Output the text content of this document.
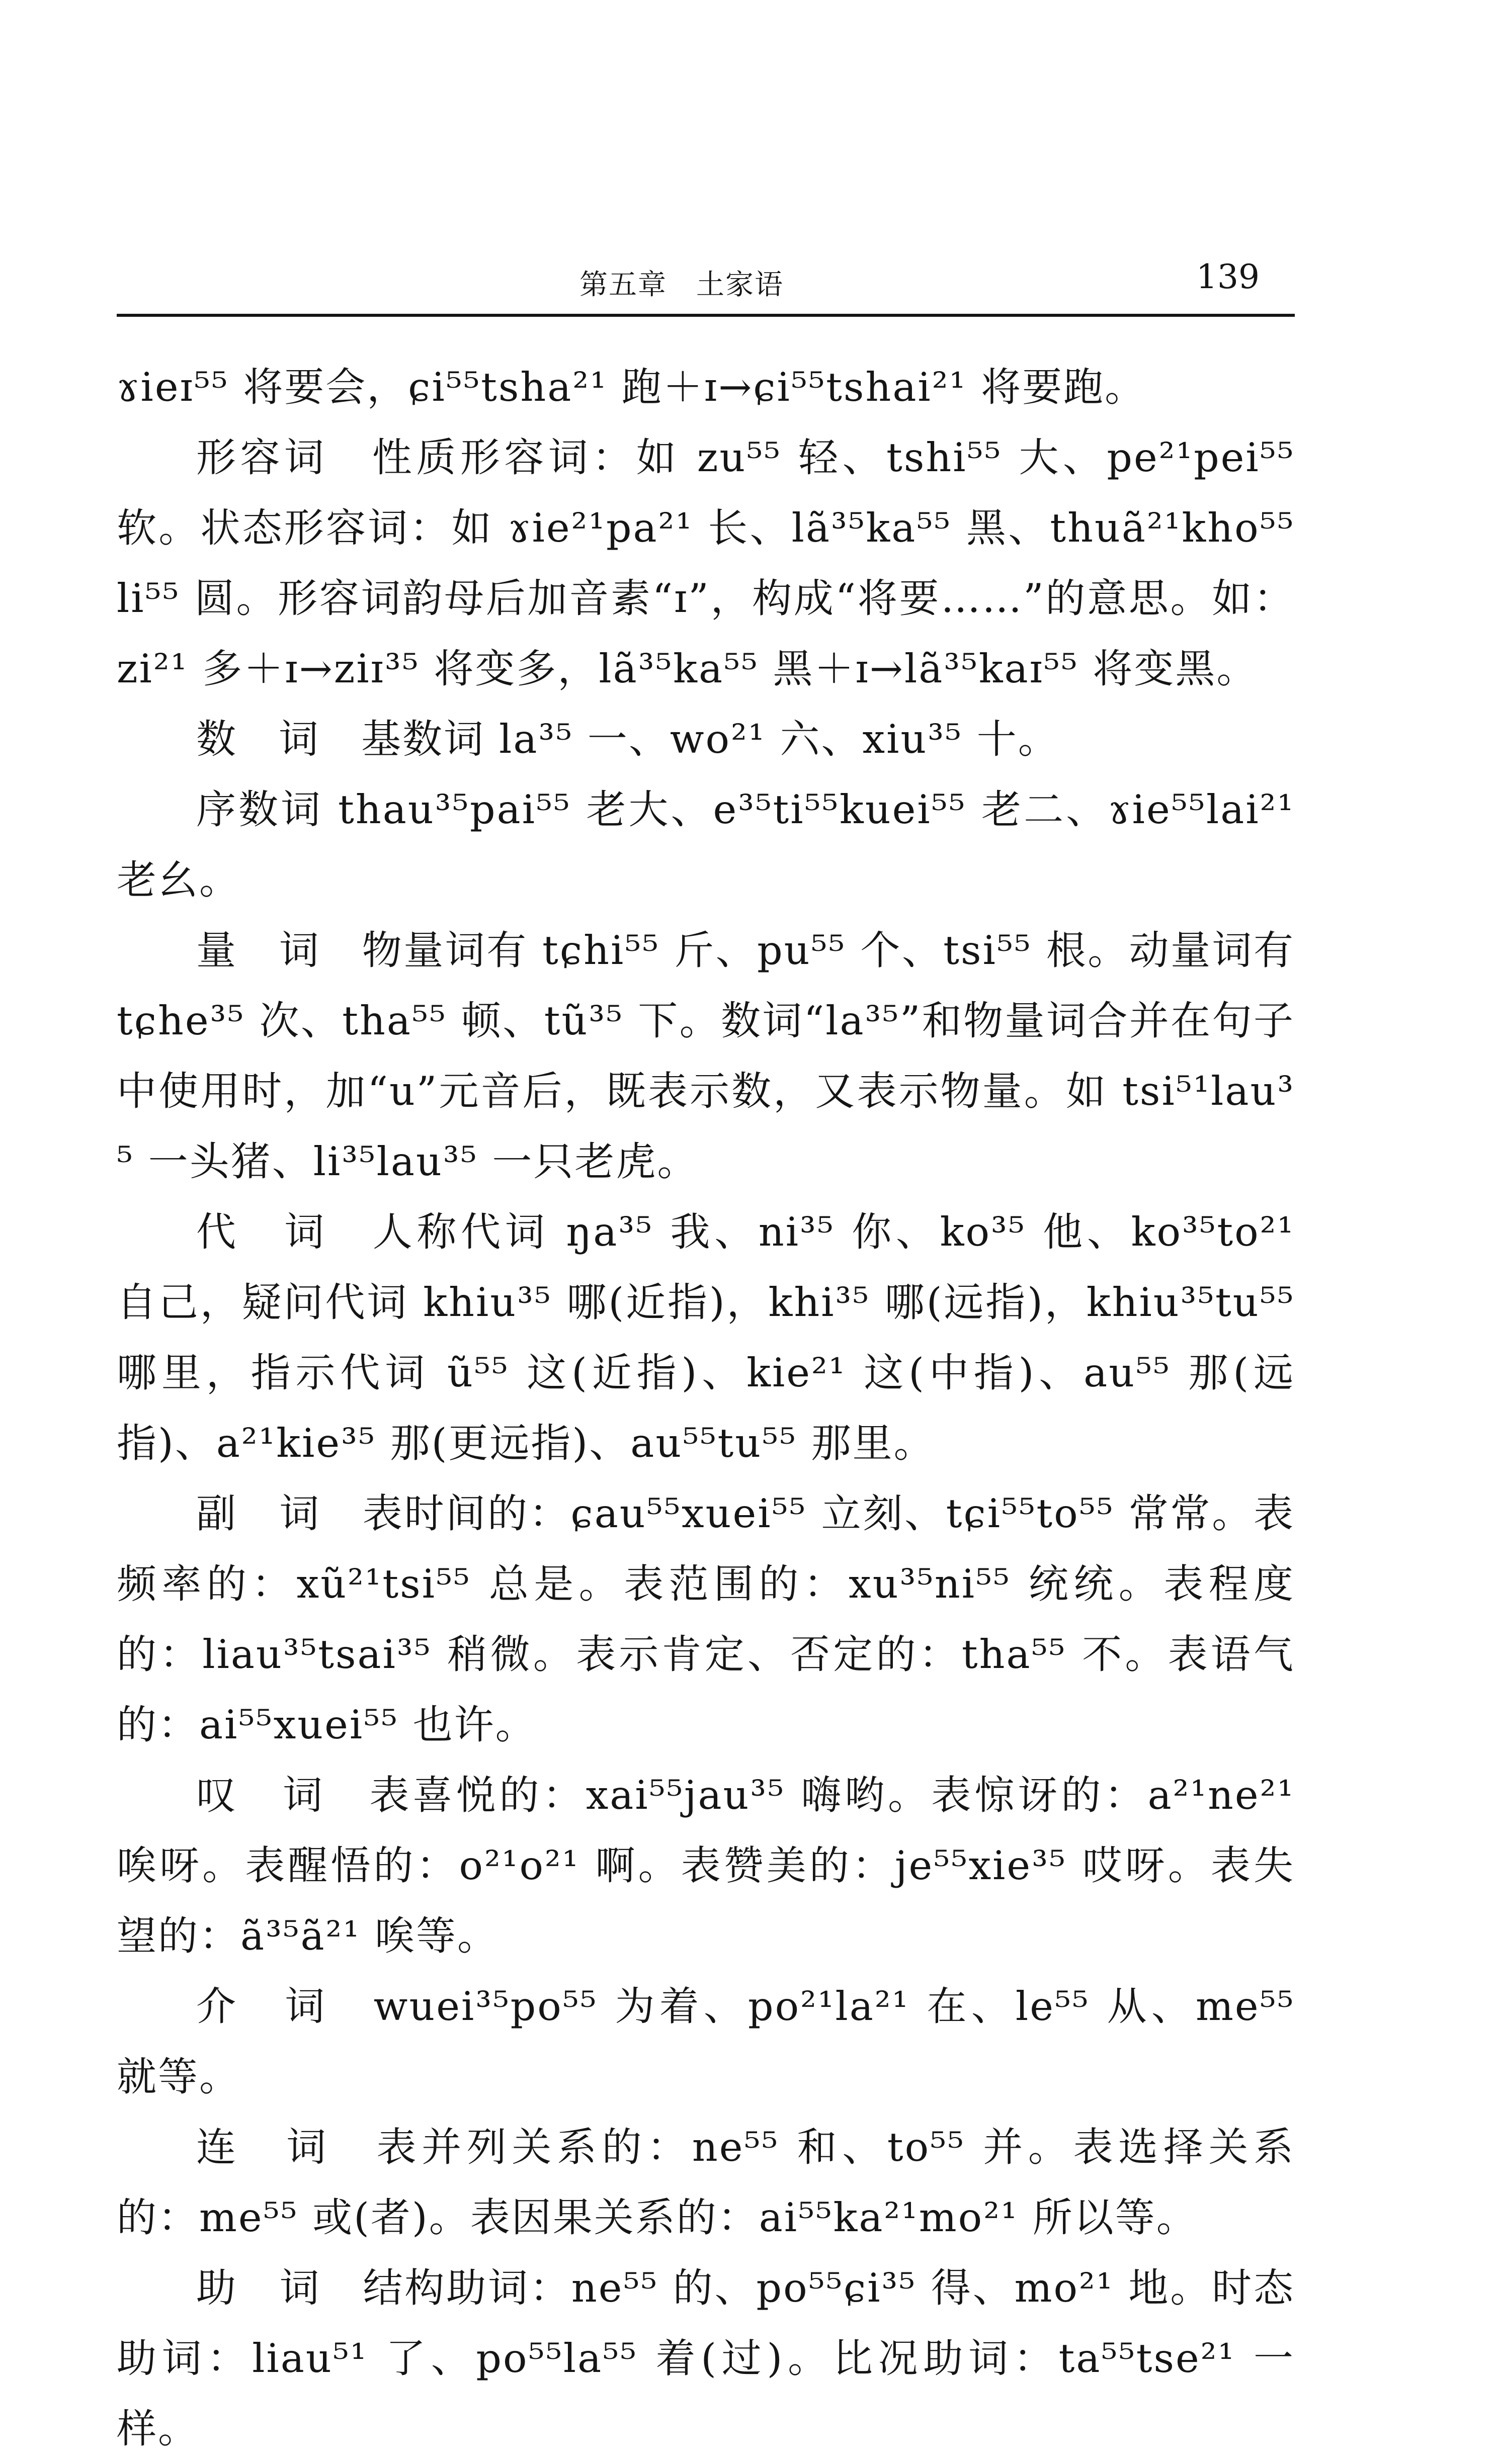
第五章　土家语	139

ɤieɪ⁵⁵ 将要会，ɕi⁵⁵tsha²¹ 跑＋ɪ→ɕi⁵⁵tshai²¹ 将要跑。

形容词　性质形容词：如 zu⁵⁵ 轻、tshi⁵⁵ 大、pe²¹pei⁵⁵ 软。状态形容词：如 ɤie²¹pa²¹ 长、lã³⁵ka⁵⁵ 黑、thuã²¹kho⁵⁵li⁵⁵ 圆。形容词韵母后加音素“ɪ”，构成“将要……”的意思。如：zi²¹ 多＋ɪ→ziɪ³⁵ 将变多，lã³⁵ka⁵⁵ 黑＋ɪ→lã³⁵kaɪ⁵⁵ 将变黑。

数　词　基数词 la³⁵ 一、wo²¹ 六、xiu³⁵ 十。

序数词 thau³⁵pai⁵⁵ 老大、e³⁵ti⁵⁵kuei⁵⁵ 老二、ɤie⁵⁵lai²¹ 老幺。

量　词　物量词有 tɕhi⁵⁵ 斤、pu⁵⁵ 个、tsi⁵⁵ 根。动量词有 tɕhe³⁵ 次、tha⁵⁵ 顿、tũ³⁵ 下。数词“la³⁵”和物量词合并在句子中使用时，加“u”元音后，既表示数，又表示物量。如 tsi⁵¹lau³⁵ 一头猪、li³⁵lau³⁵ 一只老虎。

代　词　人称代词 ŋa³⁵ 我、ni³⁵ 你、ko³⁵ 他、ko³⁵to²¹ 自己，疑问代词 khiu³⁵ 哪(近指)，khi³⁵ 哪(远指)，khiu³⁵tu⁵⁵ 哪里，指示代词 ũ⁵⁵ 这(近指)、kie²¹ 这(中指)、au⁵⁵ 那(远指)、a²¹kie³⁵ 那(更远指)、au⁵⁵tu⁵⁵ 那里。

副　词　表时间的：ɕau⁵⁵xuei⁵⁵ 立刻、tɕi⁵⁵to⁵⁵ 常常。表频率的：xũ²¹tsi⁵⁵ 总是。表范围的：xu³⁵ni⁵⁵ 统统。表程度的：liau³⁵tsai³⁵ 稍微。表示肯定、否定的：tha⁵⁵ 不。表语气的：ai⁵⁵xuei⁵⁵ 也许。

叹　词　表喜悦的：xai⁵⁵jau³⁵ 嗨哟。表惊讶的：a²¹ne²¹ 唉呀。表醒悟的：o²¹o²¹ 啊。表赞美的：je⁵⁵xie³⁵ 哎呀。表失望的：ã³⁵ã²¹ 唉等。

介　词　wuei³⁵po⁵⁵ 为着、po²¹la²¹ 在、le⁵⁵ 从、me⁵⁵ 就等。

连　词　表并列关系的：ne⁵⁵ 和、to⁵⁵ 并。表选择关系的：me⁵⁵ 或(者)。表因果关系的：ai⁵⁵ka²¹mo²¹ 所以等。

助　词　结构助词：ne⁵⁵ 的、po⁵⁵ɕi³⁵ 得、mo²¹ 地。时态助词：liau⁵¹ 了、po⁵⁵la⁵⁵ 着(过)。比况助词：ta⁵⁵tse²¹ 一样。
